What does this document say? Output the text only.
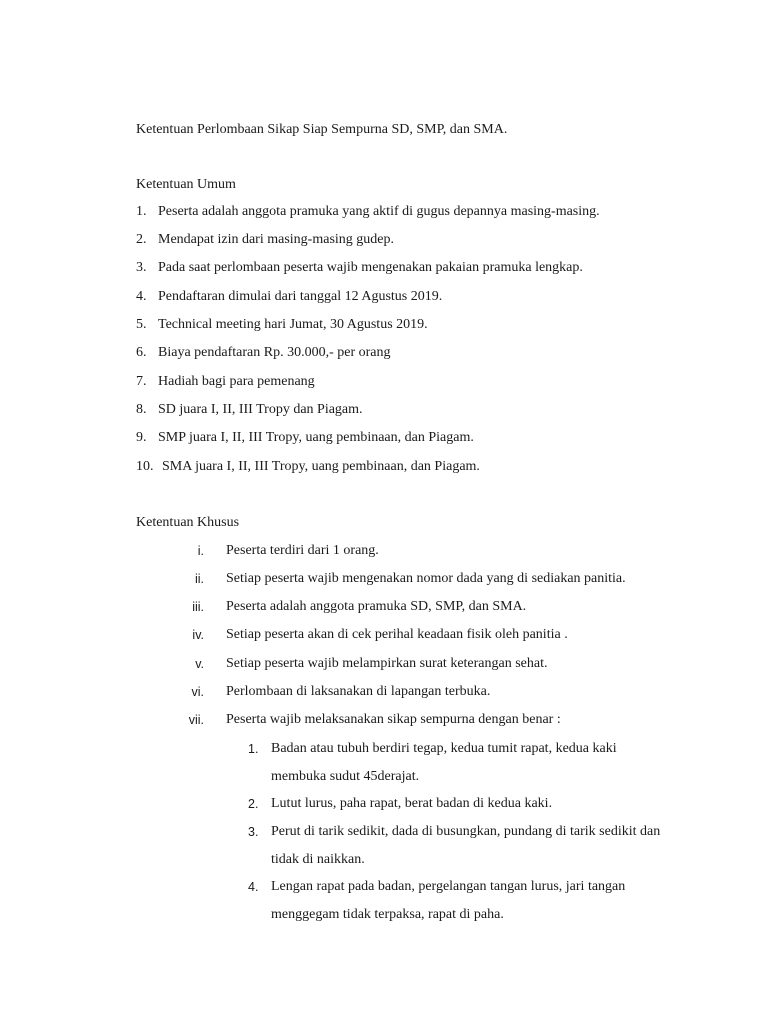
Ketentuan Perlombaan Sikap Siap Sempurna SD, SMP, dan SMA.
Ketentuan Umum
1. Peserta adalah anggota pramuka yang aktif di gugus depannya masing-masing.
2. Mendapat izin dari masing-masing gudep.
3. Pada saat perlombaan peserta wajib mengenakan pakaian pramuka lengkap.
4. Pendaftaran dimulai dari tanggal 12 Agustus 2019.
5. Technical meeting hari Jumat, 30 Agustus 2019.
6. Biaya pendaftaran Rp. 30.000,- per orang
7. Hadiah bagi para pemenang
8. SD juara I, II, III Tropy dan Piagam.
9. SMP juara I, II, III Tropy, uang pembinaan, dan Piagam.
10. SMA juara I, II, III Tropy, uang pembinaan, dan Piagam.
Ketentuan Khusus
i. Peserta terdiri dari 1 orang.
ii. Setiap peserta wajib mengenakan nomor dada yang di sediakan panitia.
iii. Peserta adalah anggota pramuka SD, SMP, dan SMA.
iv. Setiap peserta akan di cek perihal keadaan fisik oleh panitia .
v. Setiap peserta wajib melampirkan surat keterangan sehat.
vi. Perlombaan di laksanakan di lapangan terbuka.
vii. Peserta wajib melaksanakan sikap sempurna dengan benar :
1. Badan atau tubuh berdiri tegap, kedua tumit rapat, kedua kaki membuka sudut 45derajat.
2. Lutut lurus, paha rapat, berat badan di kedua kaki.
3. Perut di tarik sedikit, dada di busungkan, pundang di tarik sedikit dan tidak di naikkan.
4. Lengan rapat pada badan, pergelangan tangan lurus, jari tangan menggegam tidak terpaksa, rapat di paha.
